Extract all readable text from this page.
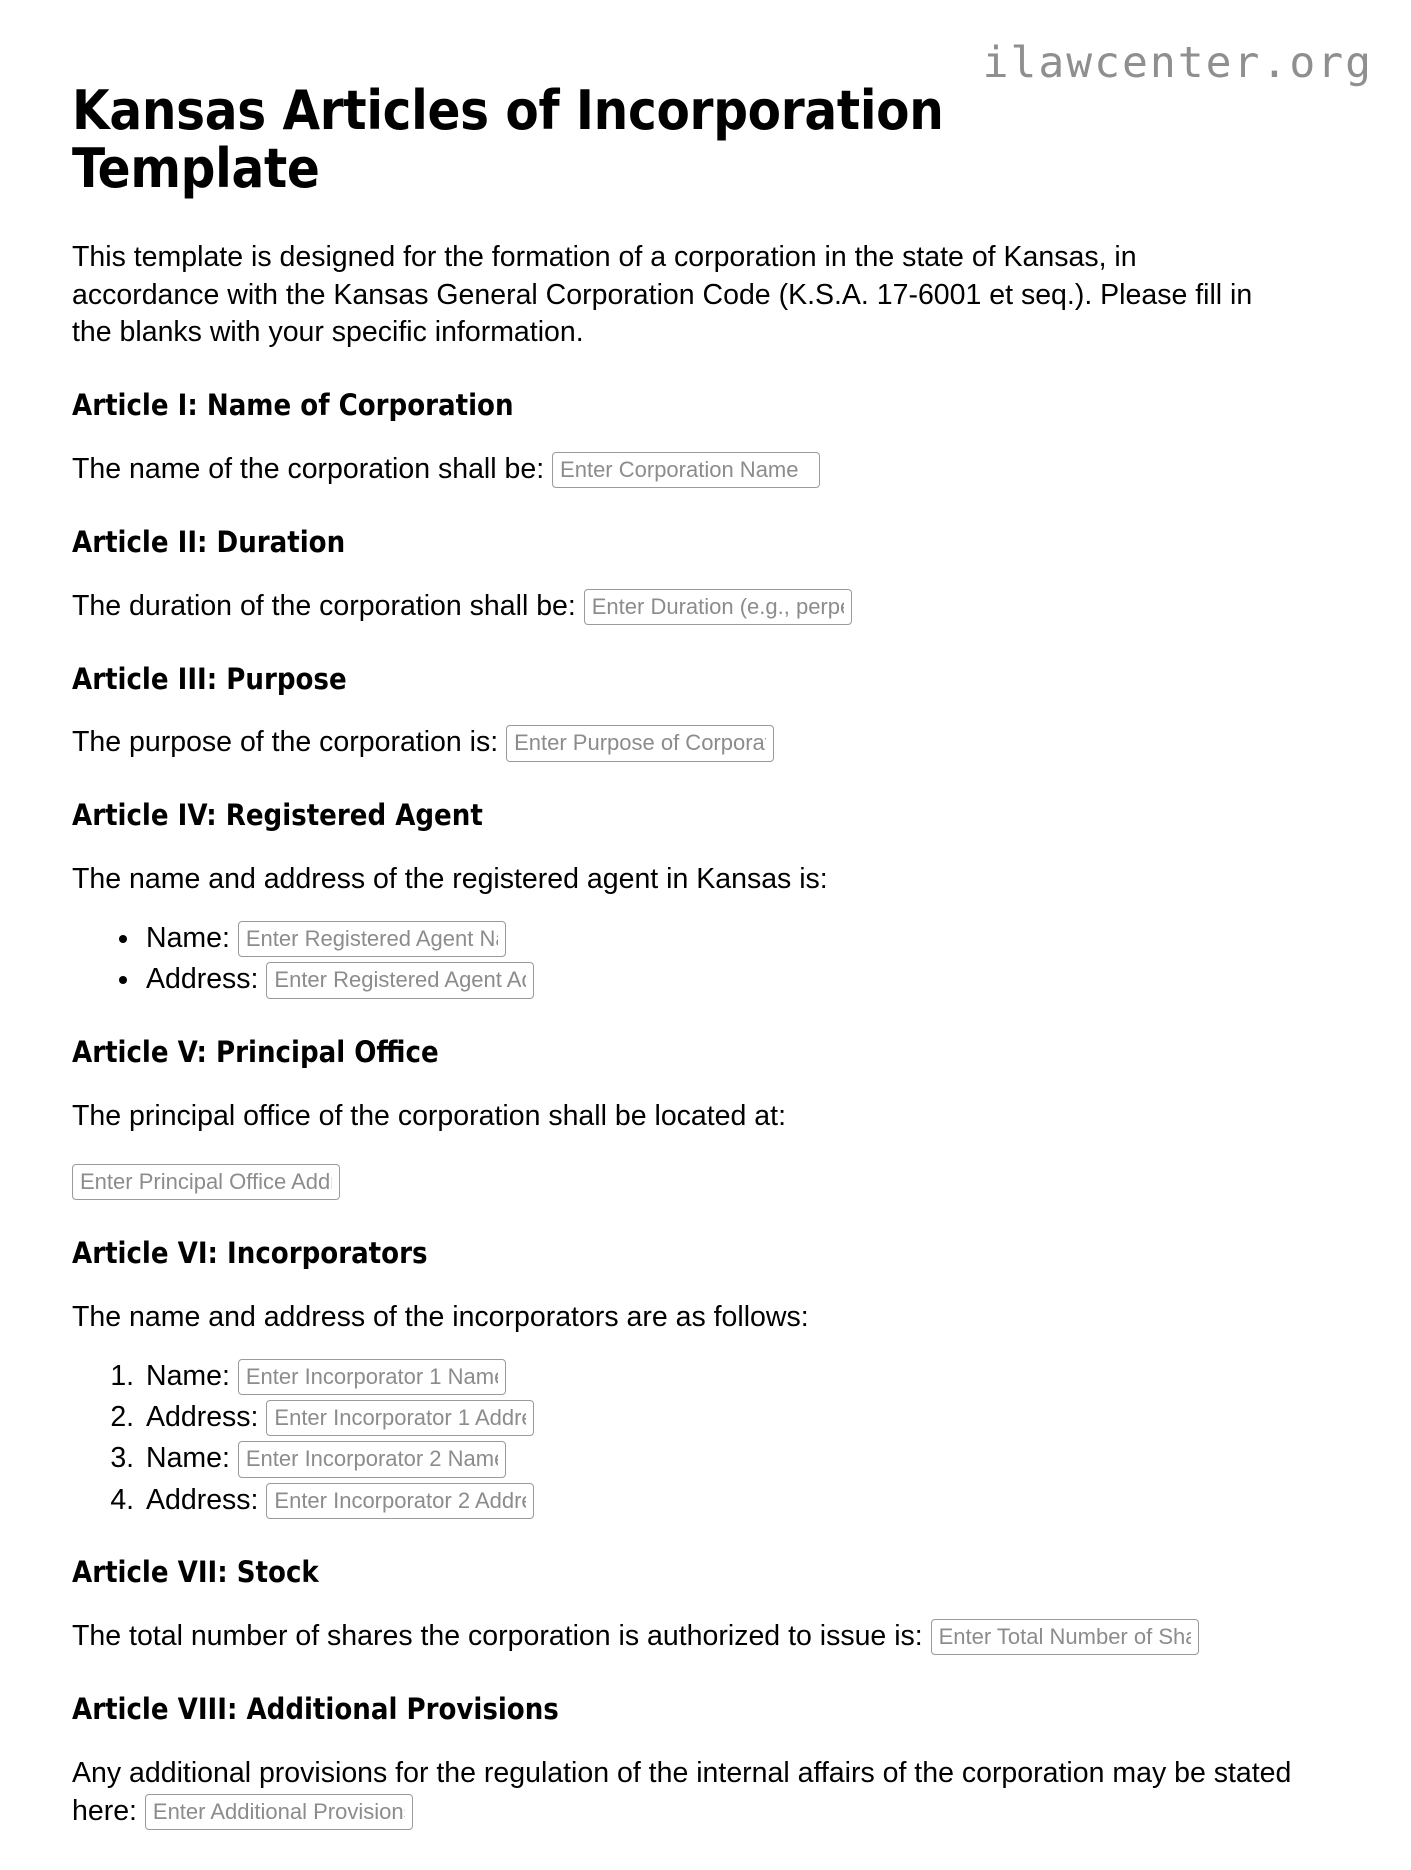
ilawcenter.org
Kansas Articles of Incorporation Template

This template is designed for the formation of a corporation in the state of Kansas, in accordance with the Kansas General Corporation Code (K.S.A. 17-6001 et seq.). Please fill in the blanks with your specific information.

Article I: Name of Corporation

The name of the corporation shall be: Enter Corporation Name

Article II: Duration

The duration of the corporation shall be: Enter Duration (e.g., perpetual)

Article III: Purpose

The purpose of the corporation is: Enter Purpose of Corporation

Article IV: Registered Agent

The name and address of the registered agent in Kansas is:

• Name: Enter Registered Agent Name
• Address: Enter Registered Agent Address
Article V: Principal Office

The principal office of the corporation shall be located at:

Enter Principal Office Address
Article VI: Incorporators

The name and address of the incorporators are as follows:

1. Name: Enter Incorporator 1 Name
2. Address: Enter Incorporator 1 Address
3. Name: Enter Incorporator 2 Name
4. Address: Enter Incorporator 2 Address
Article VII: Stock

The total number of shares the corporation is authorized to issue is: Enter Total Number of Shares

Article VIII: Additional Provisions

Any additional provisions for the regulation of the internal affairs of the corporation may be stated here: Enter Additional Provisions
